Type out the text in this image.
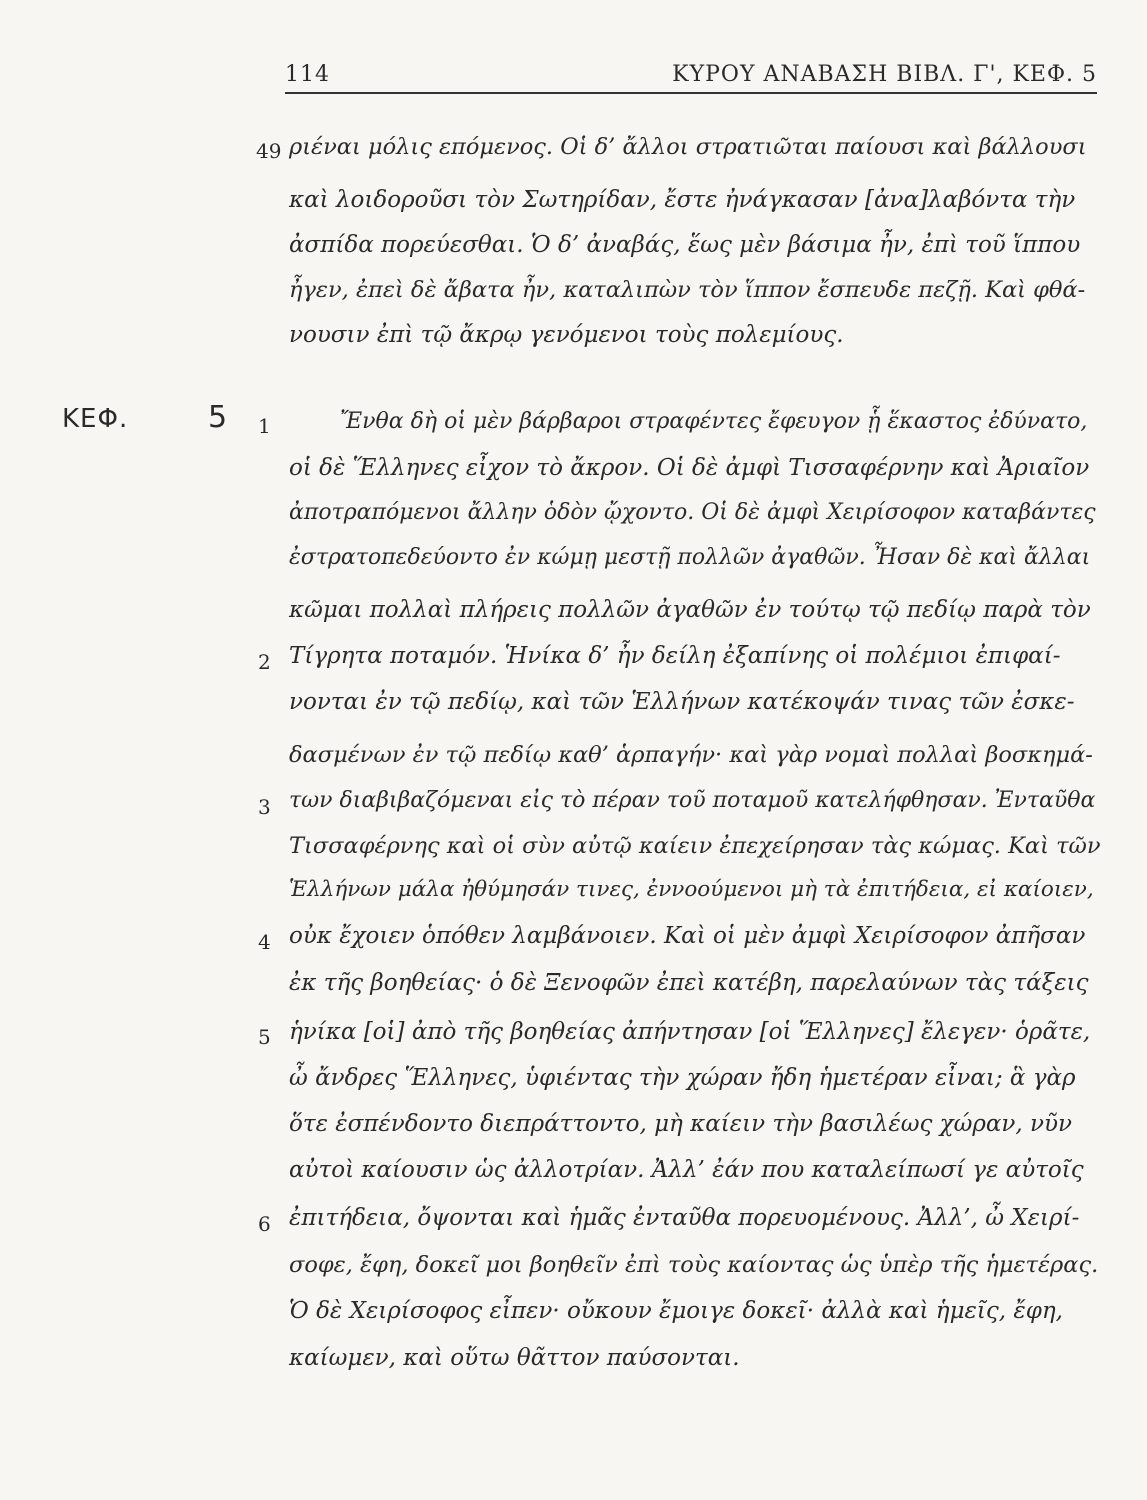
114	ΚΥΡΟΥ ΑΝΑΒΑΣΗ ΒΙΒΛ. Γ', ΚΕΦ. 5
49 ριέναι μόλις επόμενος. Οἱ δ’ ἄλλοι στρατιῶται παίουσι καὶ βάλλουσι
καὶ λοιδοροῦσι τὸν Σωτηρίδαν, ἔστε ἠνάγκασαν [ἀνα]λαβόντα τὴν
ἀσπίδα πορεύεσθαι. Ὁ δ’ ἀναβάς, ἕως μὲν βάσιμα ἦν, ἐπὶ τοῦ ἵππου
ἦγεν, ἐπεὶ δὲ ἄβατα ἦν, καταλιπὼν τὸν ἵππον ἔσπευδε πεζῇ. Καὶ φθά-
νουσιν ἐπὶ τῷ ἄκρῳ γενόμενοι τοὺς πολεμίους.
ΚΕΦ.	5 1
2
3
4
5
6
Ἔνθα δὴ οἱ μὲν βάρβαροι στραφέντες ἔφευγον ᾗ ἕκαστος ἐδύνατο,
οἱ δὲ Ἕλληνες εἶχον τὸ ἄκρον. Οἱ δὲ ἀμφὶ Τισσαφέρνην καὶ Ἀριαῖον
ἀποτραπόμενοι ἄλλην ὁδὸν ᾤχοντο. Οἱ δὲ ἀμφὶ Χειρίσοφον καταβάντες
ἐστρατοπεδεύοντο ἐν κώμῃ μεστῇ πολλῶν ἀγαθῶν. Ἦσαν δὲ καὶ ἄλλαι
κῶμαι πολλαὶ πλήρεις πολλῶν ἀγαθῶν ἐν τούτῳ τῷ πεδίῳ παρὰ τὸν
Τίγρητα ποταμόν. Ἡνίκα δ’ ἦν δείλη ἐξαπίνης οἱ πολέμιοι ἐπιφαί-
νονται ἐν τῷ πεδίῳ, καὶ τῶν Ἑλλήνων κατέκοψάν τινας τῶν ἐσκε-
δασμένων ἐν τῷ πεδίῳ καθ’ ἁρπαγήν· καὶ γὰρ νομαὶ πολλαὶ βοσκημά-
των διαβιβαζόμεναι εἰς τὸ πέραν τοῦ ποταμοῦ κατελήφθησαν. Ἐνταῦθα
Τισσαφέρνης καὶ οἱ σὺν αὐτῷ καίειν ἐπεχείρησαν τὰς κώμας. Καὶ τῶν
Ἑλλήνων μάλα ἠθύμησάν τινες, ἐννοούμενοι μὴ τὰ ἐπιτήδεια, εἰ καίοιεν,
οὐκ ἔχοιεν ὁπόθεν λαμβάνοιεν. Καὶ οἱ μὲν ἀμφὶ Χειρίσοφον ἀπῆσαν
ἐκ τῆς βοηθείας· ὁ δὲ Ξενοφῶν ἐπεὶ κατέβη, παρελαύνων τὰς τάξεις
ἡνίκα [οἱ] ἀπὸ τῆς βοηθείας ἀπήντησαν [οἱ Ἕλληνες] ἔλεγεν· ὁρᾶτε,
ὦ ἄνδρες Ἕλληνες, ὑφιέντας τὴν χώραν ἤδη ἡμετέραν εἶναι; ἃ γὰρ
ὅτε ἐσπένδοντο διεπράττοντο, μὴ καίειν τὴν βασιλέως χώραν, νῦν
αὐτοὶ καίουσιν ὡς ἀλλοτρίαν. Ἀλλ’ ἐάν που καταλείπωσί γε αὐτοῖς
ἐπιτήδεια, ὄψονται καὶ ἡμᾶς ἐνταῦθα πορευομένους. Ἀλλ’, ὦ Χειρί-
σοφε, ἔφη, δοκεῖ μοι βοηθεῖν ἐπὶ τοὺς καίοντας ὡς ὑπὲρ τῆς ἡμετέρας.
Ὁ δὲ Χειρίσοφος εἶπεν· οὔκουν ἔμοιγε δοκεῖ· ἀλλὰ καὶ ἡμεῖς, ἔφη,
καίωμεν, καὶ οὕτω θᾶττον παύσονται.
